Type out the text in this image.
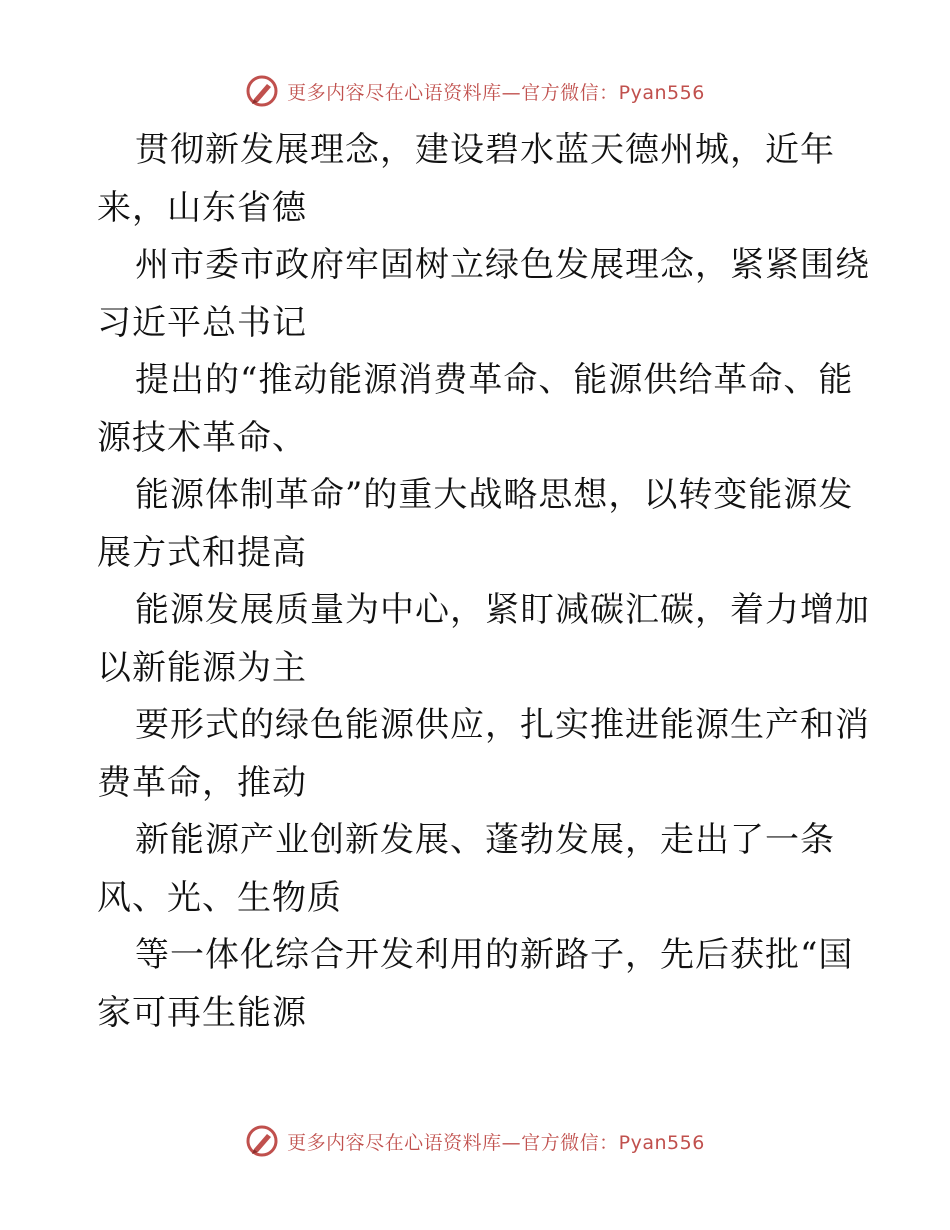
更多内容尽在心语资料库—官方微信：Pyan556
贯彻新发展理念，建设碧水蓝天德州城，近年
来，山东省德
州市委市政府牢固树立绿色发展理念，紧紧围绕
习近平总书记
提出的“推动能源消费革命、能源供给革命、能
源技术革命、
能源体制革命”的重大战略思想，以转变能源发
展方式和提高
能源发展质量为中心，紧盯减碳汇碳，着力增加
以新能源为主
要形式的绿色能源供应，扎实推进能源生产和消
费革命，推动
新能源产业创新发展、蓬勃发展，走出了一条
风、光、生物质
等一体化综合开发利用的新路子，先后获批“国
家可再生能源
更多内容尽在心语资料库—官方微信：Pyan556
